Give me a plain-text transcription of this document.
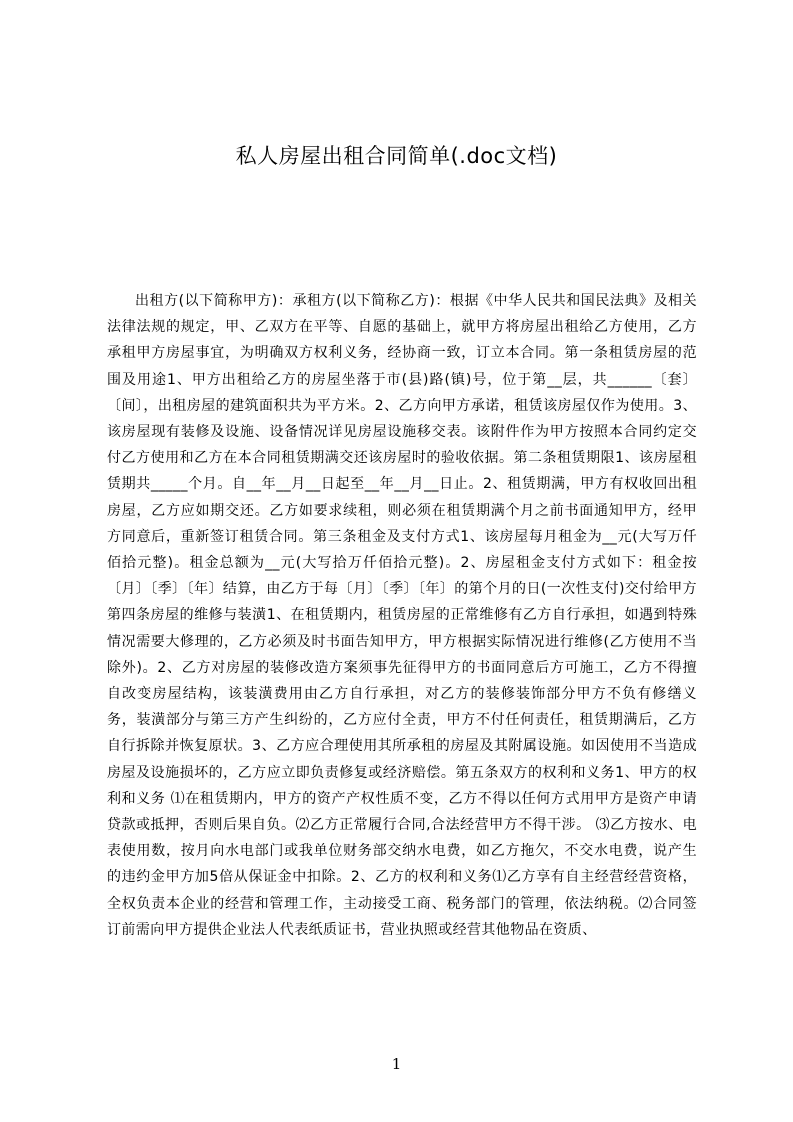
私人房屋出租合同简单(.doc文档)

出租方(以下简称甲方)：承租方(以下简称乙方)：根据《中华人民共和国民法典》及相关法律法规的规定，甲、乙双方在平等、自愿的基础上，就甲方将房屋出租给乙方使用，乙方承租甲方房屋事宜，为明确双方权利义务，经协商一致，订立本合同。第一条租赁房屋的范围及用途1、甲方出租给乙方的房屋坐落于市(县)路(镇)号，位于第__层，共______〔套〕〔间〕，出租房屋的建筑面积共为平方米。2、乙方向甲方承诺，租赁该房屋仅作为使用。3、该房屋现有装修及设施、设备情况详见房屋设施移交表。该附件作为甲方按照本合同约定交付乙方使用和乙方在本合同租赁期满交还该房屋时的验收依据。第二条租赁期限1、该房屋租赁期共_____个月。自__年__月__日起至__年__月__日止。2、租赁期满，甲方有权收回出租房屋，乙方应如期交还。乙方如要求续租，则必须在租赁期满个月之前书面通知甲方，经甲方同意后，重新签订租赁合同。第三条租金及支付方式1、该房屋每月租金为__元(大写万仟佰拾元整)。租金总额为__元(大写拾万仟佰拾元整)。2、房屋租金支付方式如下：租金按〔月〕〔季〕〔年〕结算，由乙方于每〔月〕〔季〕〔年〕的第个月的日(一次性支付)交付给甲方第四条房屋的维修与装潢1、在租赁期内，租赁房屋的正常维修有乙方自行承担，如遇到特殊情况需要大修理的，乙方必须及时书面告知甲方，甲方根据实际情况进行维修(乙方使用不当除外)。2、乙方对房屋的装修改造方案须事先征得甲方的书面同意后方可施工，乙方不得擅自改变房屋结构，该装潢费用由乙方自行承担，对乙方的装修装饰部分甲方不负有修缮义务，装潢部分与第三方产生纠纷的，乙方应付全责，甲方不付任何责任，租赁期满后，乙方自行拆除并恢复原状。3、乙方应合理使用其所承租的房屋及其附属设施。如因使用不当造成房屋及设施损坏的，乙方应立即负责修复或经济赔偿。第五条双方的权利和义务1、甲方的权利和义务 ⑴在租赁期内，甲方的资产产权性质不变，乙方不得以任何方式用甲方是资产申请贷款或抵押，否则后果自负。⑵乙方正常履行合同,合法经营甲方不得干涉。 ⑶乙方按水、电表使用数，按月向水电部门或我单位财务部交纳水电费，如乙方拖欠，不交水电费，说产生的违约金甲方加5倍从保证金中扣除。2、乙方的权利和义务⑴乙方享有自主经营经营资格，全权负责本企业的经营和管理工作，主动接受工商、税务部门的管理，依法纳税。⑵合同签订前需向甲方提供企业法人代表纸质证书，营业执照或经营其他物品在资质、

1
